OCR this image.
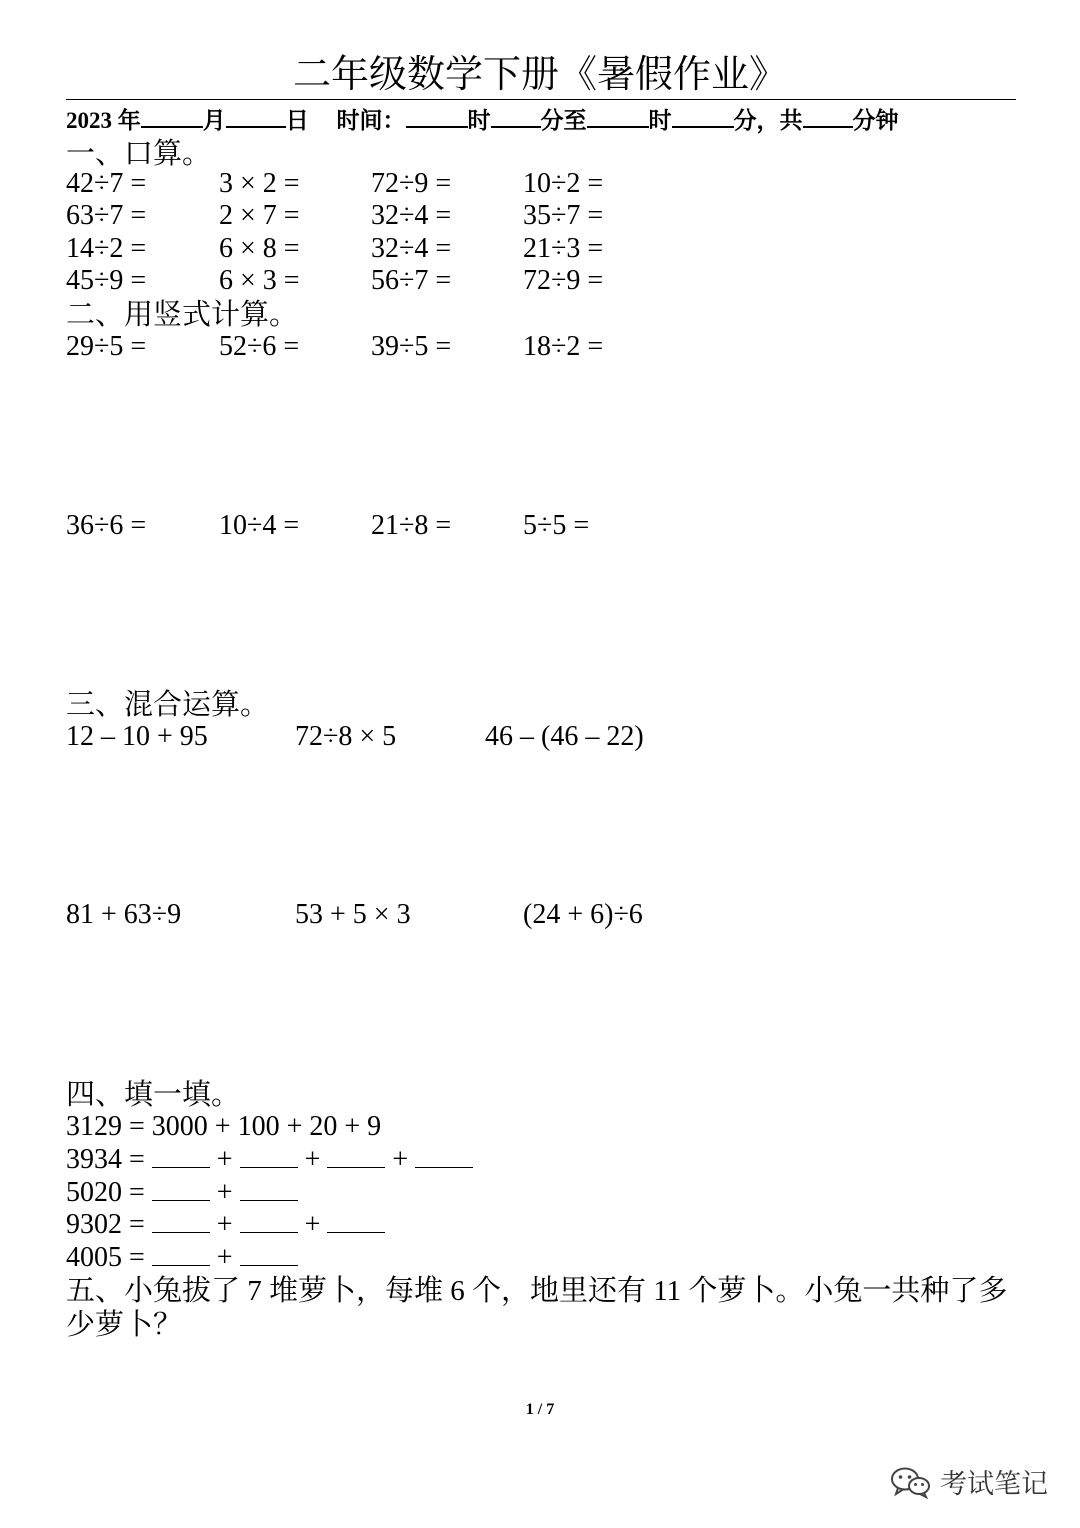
二年级数学下册《暑假作业》
2023 年	月	日 时间：	时 分至	时	分，共 分钟
一、口算。
42÷7 =	3 × 2 =	72÷9 =	10÷2 =
63÷7 =	2 × 7 =	32÷4 =	35÷7 =
14÷2 =	6 × 8 =	32÷4 =	21÷3 =
45÷9 =	6 × 3 =	56÷7 =	72÷9 =
二、用竖式计算。
29÷5 =	52÷6 =	39÷5 =	18÷2 =
36÷6 =	10÷4 =	21÷8 =	5÷5 =
三、混合运算。
12 – 10 + 95	72÷8 × 5	46 – (46 – 22)
81 + 63÷9	53 + 5 × 3	(24 + 6)÷6
四、填一填。
3129 = 3000 + 100 + 20 + 9
3934 =	+	+	+
5020 =	+
9302 =	+	+
4005 =	+
五、小兔拔了 7 堆萝卜，每堆 6 个，地里还有 11 个萝卜。小兔一共种了多
少萝卜？
1 / 7
考试笔记
